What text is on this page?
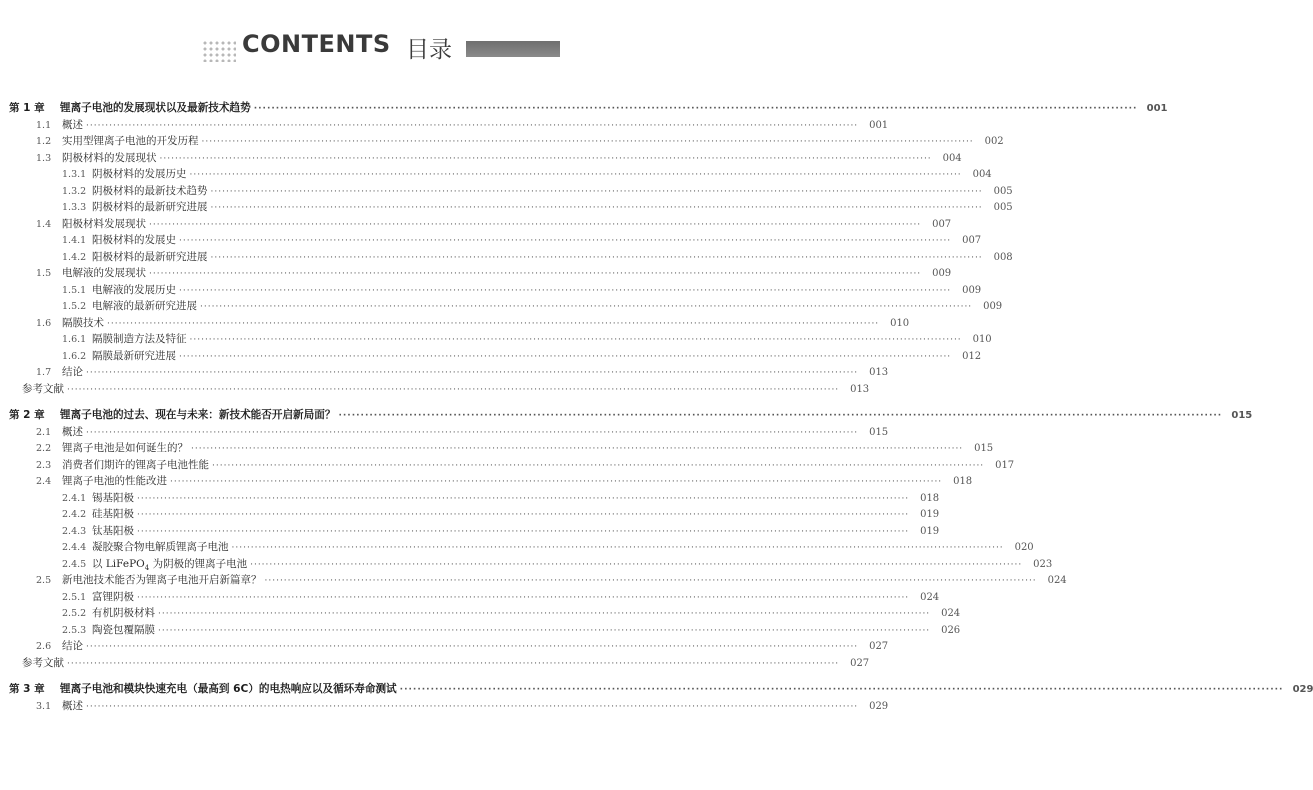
CONTENTS 目录
第 1 章	锂离子电池的发展现状以及最新技术趋势 ········································································································································································································ 001
1.1	概述 ········································································································································································································	001
1.2	实用型锂离子电池的开发历程 ········································································································································································································	002
1.3	阴极材料的发展现状 ········································································································································································································	004
1.3.1 阴极材料的发展历史 ········································································································································································································	004
1.3.2 阴极材料的最新技术趋势 ········································································································································································································	005
1.3.3 阴极材料的最新研究进展 ········································································································································································································	005
1.4	阳极材料发展现状 ········································································································································································································	007
1.4.1 阳极材料的发展史 ········································································································································································································	007
1.4.2 阳极材料的最新研究进展 ········································································································································································································	008
1.5	电解液的发展现状 ········································································································································································································	009
1.5.1 电解液的发展历史 ········································································································································································································	009
1.5.2 电解液的最新研究进展 ········································································································································································································	009
1.6	隔膜技术 ········································································································································································································	010
1.6.1 隔膜制造方法及特征 ········································································································································································································	010
1.6.2 隔膜最新研究进展 ········································································································································································································	012
1.7	结论 ········································································································································································································	013
参考文献 ········································································································································································································	013
第 2 章	锂离子电池的过去、现在与未来：新技术能否开启新局面？ ········································································································································································································ 015
2.1	概述 ········································································································································································································	015
2.2	锂离子电池是如何诞生的？ ········································································································································································································	015
2.3	消费者们期许的锂离子电池性能 ········································································································································································································	017
2.4	锂离子电池的性能改进 ········································································································································································································	018
2.4.1 锡基阳极 ········································································································································································································	018
2.4.2 硅基阳极 ········································································································································································································	019
2.4.3 钛基阳极 ········································································································································································································	019
2.4.4 凝胶聚合物电解质锂离子电池 ········································································································································································································	020
2.4.5 以 LiFePO$_4$ 为阴极的锂离子电池 ········································································································································································································	023
2.5	新电池技术能否为锂离子电池开启新篇章？ ········································································································································································································	024
2.5.1 富锂阴极 ········································································································································································································	024
2.5.2 有机阴极材料 ········································································································································································································	024
2.5.3 陶瓷包覆隔膜 ········································································································································································································	026
2.6	结论 ········································································································································································································	027
参考文献 ········································································································································································································	027
第 3 章	锂离子电池和模块快速充电（最高到 6C）的电热响应以及循环寿命测试 ········································································································································································································ 029
3.1	概述 ········································································································································································································	029
